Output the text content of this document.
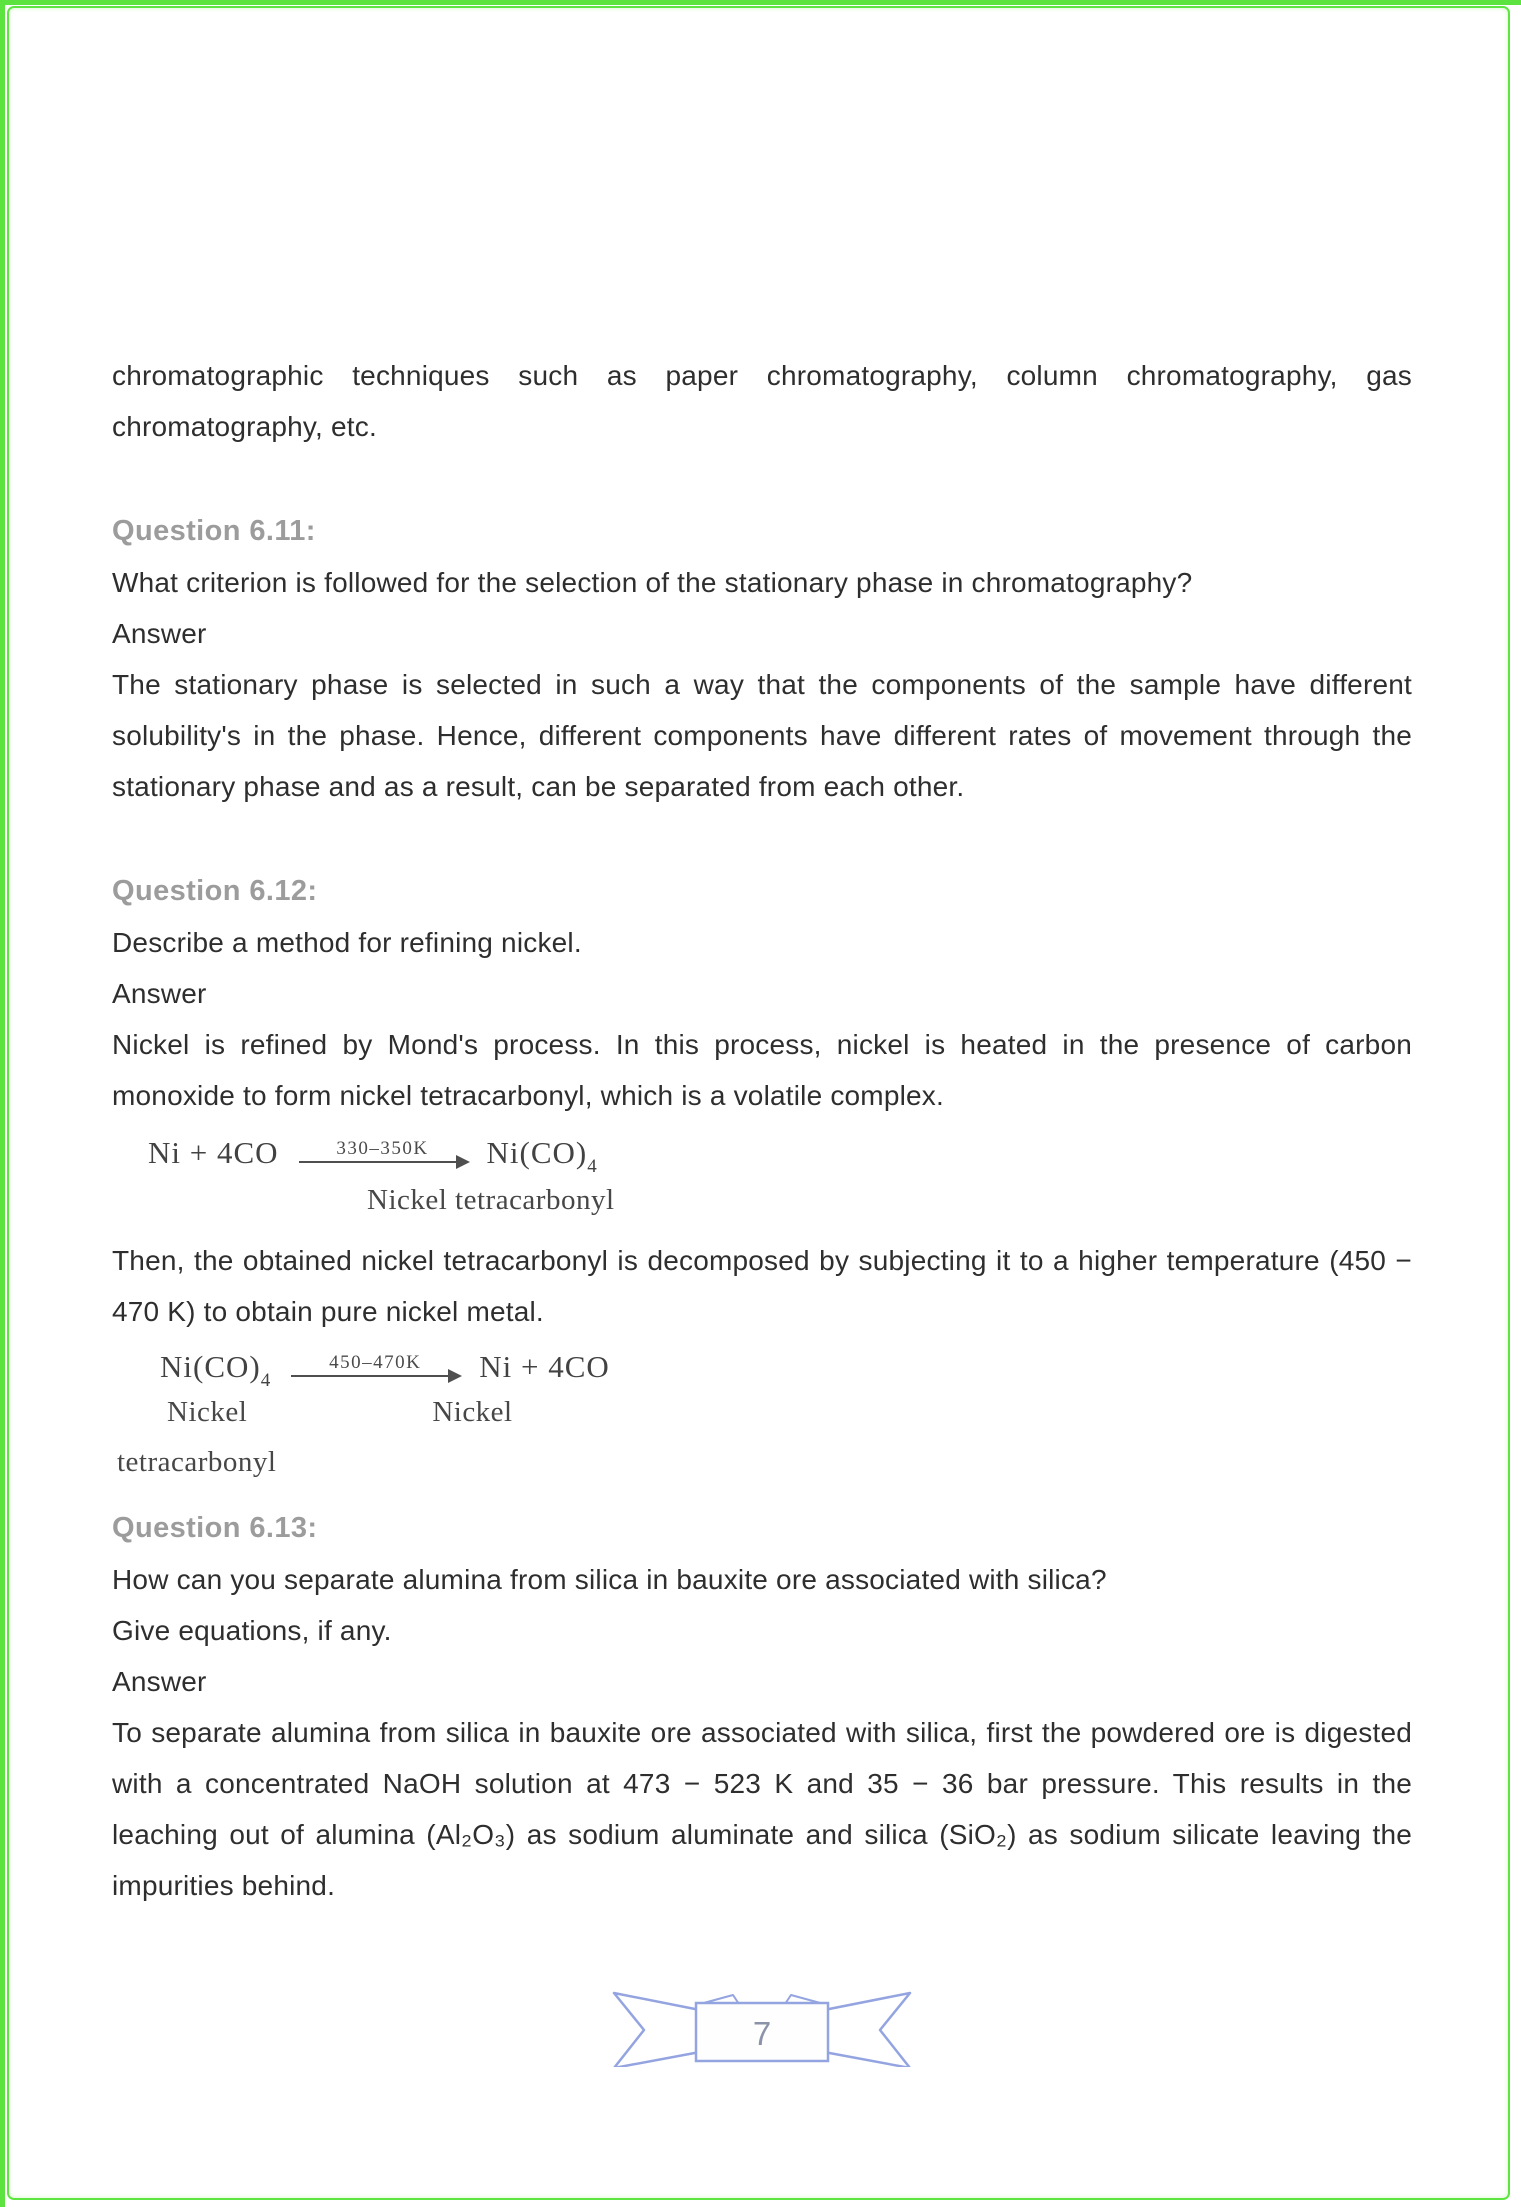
chromatographic techniques such as paper chromatography, column chromatography, gas chromatography, etc.

Question 6.11:

What criterion is followed for the selection of the stationary phase in chromatography?

Answer

The stationary phase is selected in such a way that the components of the sample have different solubility's in the phase. Hence, different components have different rates of movement through the stationary phase and as a result, can be separated from each other.

Question 6.12:

Describe a method for refining nickel.

Answer

Nickel is refined by Mond's process. In this process, nickel is heated in the presence of carbon monoxide to form nickel tetracarbonyl, which is a volatile complex.

Ni + 4CO	330–350K $Ni(CO)_4$
Nickel tetracarbonyl

Then, the obtained nickel tetracarbonyl is decomposed by subjecting it to a higher temperature (450 − 470 K) to obtain pure nickel metal.

$Ni(CO)_4$
450–470K Ni + 4CO
Nickel	Nickel
tetracarbonyl
Question 6.13:

How can you separate alumina from silica in bauxite ore associated with silica?

Give equations, if any.

Answer

To separate alumina from silica in bauxite ore associated with silica, first the powdered ore is digested with a concentrated NaOH solution at 473 − 523 K and 35 − 36 bar pressure. This results in the leaching out of alumina (Al₂O₃) as sodium aluminate and silica (SiO₂) as sodium silicate leaving the impurities behind.

7
